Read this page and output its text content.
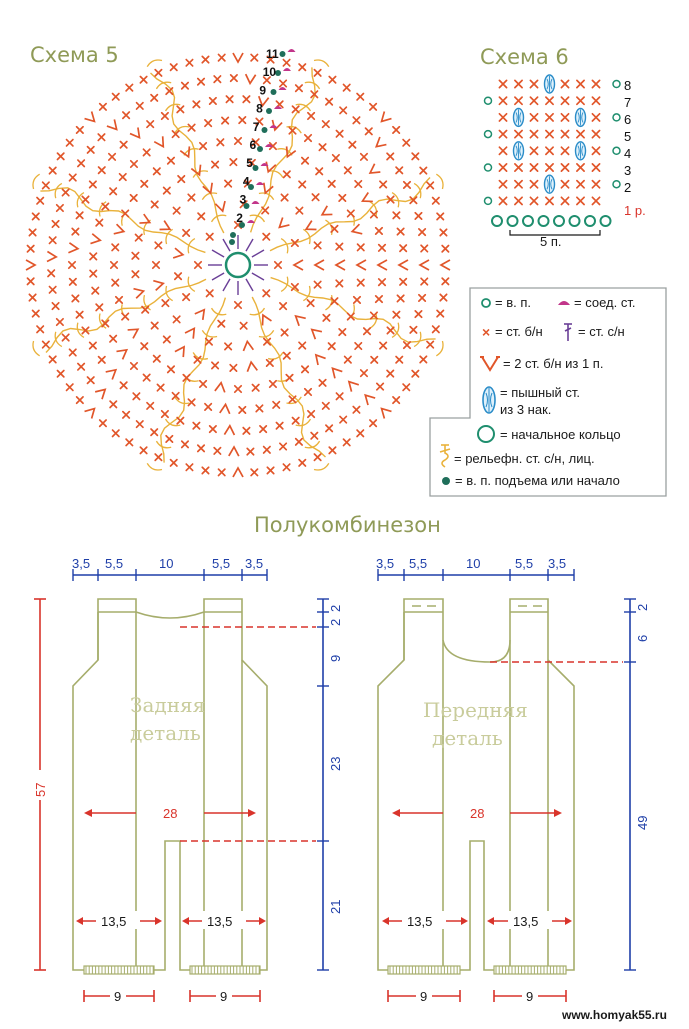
Схема 5	11
10
9
8
7
6
5
4
3
2
Схема 6
8
7
6
5
4
3
2
1 р.
5 п.
= в. п.	= соед. ст.
× = ст. б/н	= ст. с/н
= 2 ст. б/н из 1 п.
= пышный ст.
из 3 нак.
= начальное кольцо
= рельефн. ст. с/н, лиц.
= в. п. подъема или начало
Полукомбинезон
3,5 5,5	10	5,5 3,5
Задняя
деталь
28
13,5	13,5
9	9
57
2
2
9
23
21
3,5 5,5	10	5,5 3,5
Передняя
деталь
28
13,5	13,5
9	9
2
6
49
www.homyak55.ru
